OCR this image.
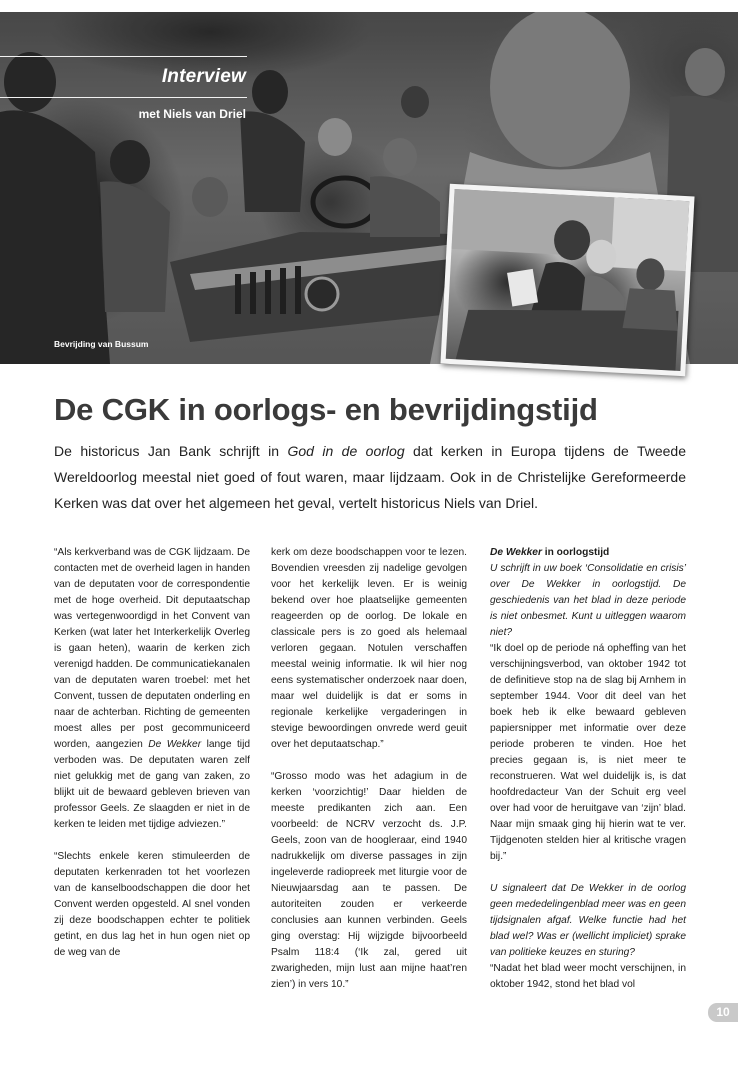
Interview
met Niels van Driel
Bevrijding van Bussum
De CGK in oorlogs- en bevrijdingstijd

De historicus Jan Bank schrijft in God in de oorlog dat kerken in Europa tijdens de Tweede Wereldoorlog meestal niet goed of fout waren, maar lijdzaam. Ook in de Christelijke Gereformeerde Kerken was dat over het algemeen het geval, vertelt historicus Niels van Driel.

“Als kerkverband was de CGK lijdzaam. De contacten met de overheid lagen in handen van de deputaten voor de correspondentie met de hoge overheid. Dit deputaatschap was vertegenwoordigd in het Convent van Kerken (wat later het Interkerkelijk Overleg is gaan heten), waarin de kerken zich verenigd hadden. De communicatiekanalen van de deputaten waren troebel: met het Convent, tussen de deputaten onderling en naar de achterban. Richting de gemeenten moest alles per post gecommuniceerd worden, aangezien De Wekker lange tijd verboden was. De deputaten waren zelf niet gelukkig met de gang van zaken, zo blijkt uit de bewaard gebleven brieven van professor Geels. Ze slaagden er niet in de kerken te leiden met tijdige adviezen.”

“Slechts enkele keren stimuleerden de deputaten kerkenraden tot het voorlezen van de kanselboodschappen die door het Convent werden opgesteld. Al snel vonden zij deze boodschappen echter te politiek getint, en dus lag het in hun ogen niet op de weg van de

kerk om deze boodschappen voor te lezen. Bovendien vreesden zij nadelige gevolgen voor het kerkelijk leven. Er is weinig bekend over hoe plaatselijke gemeenten reageerden op de oorlog. De lokale en classicale pers is zo goed als helemaal verloren gegaan. Notulen verschaffen meestal weinig informatie. Ik wil hier nog eens systematischer onderzoek naar doen, maar wel duidelijk is dat er soms in regionale kerkelijke vergaderingen in stevige bewoordingen onvrede werd geuit over het deputaatschap.”

“Grosso modo was het adagium in de kerken ‘voorzichtig!’ Daar hielden de meeste predikanten zich aan. Een voorbeeld: de NCRV verzocht ds. J.P. Geels, zoon van de hoogleraar, eind 1940 nadrukkelijk om diverse passages in zijn ingeleverde radiopreek met liturgie voor de Nieuwjaarsdag aan te passen. De autoriteiten zouden er verkeerde conclusies aan kunnen verbinden. Geels ging overstag: Hij wijzigde bijvoorbeeld Psalm 118:4 (‘Ik zal, gered uit zwarigheden, mijn lust aan mijne haat’ren zien’) in vers 10.”

De Wekker in oorlogstijd

U schrijft in uw boek ‘Consolidatie en crisis’ over De Wekker in oorlogstijd. De geschiedenis van het blad in deze periode is niet onbesmet. Kunt u uitleggen waarom niet?

“Ik doel op de periode ná opheffing van het verschijningsverbod, van oktober 1942 tot de definitieve stop na de slag bij Arnhem in september 1944. Voor dit deel van het boek heb ik elke bewaard gebleven papiersnipper met informatie over deze periode proberen te vinden. Hoe het precies gegaan is, is niet meer te reconstrueren. Wat wel duidelijk is, is dat hoofdredacteur Van der Schuit erg veel over had voor de heruitgave van ‘zijn’ blad. Naar mijn smaak ging hij hierin wat te ver. Tijdgenoten stelden hier al kritische vragen bij.”

U signaleert dat De Wekker in de oorlog geen mededelingenblad meer was en geen tijdsignalen afgaf. Welke functie had het blad wel? Was er (wellicht impliciet) sprake van politieke keuzes en sturing?

“Nadat het blad weer mocht verschijnen, in oktober 1942, stond het blad vol

10
